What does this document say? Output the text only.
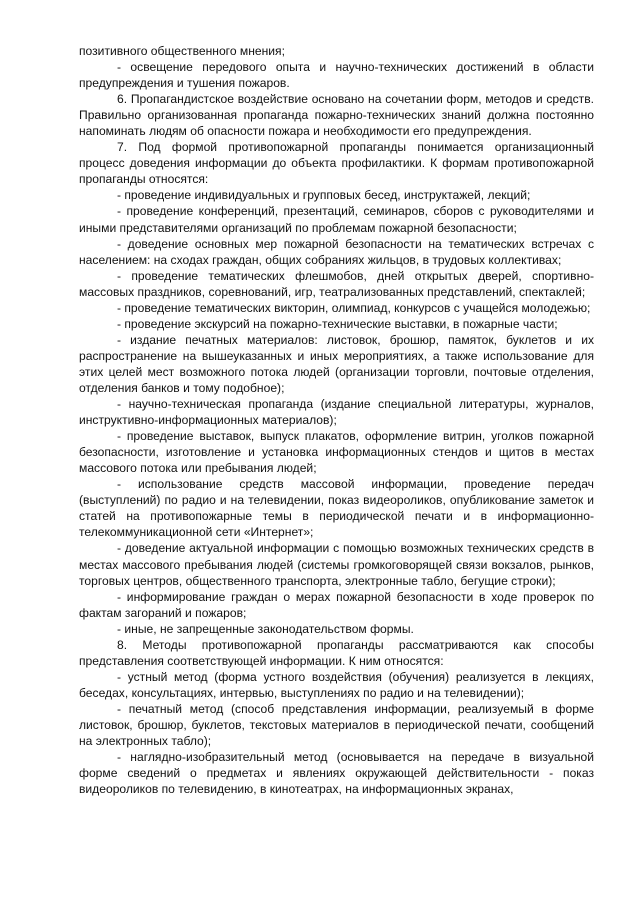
позитивного общественного мнения;

- освещение передового опыта и научно-технических достижений в области предупреждения и тушения пожаров.

6. Пропагандистское воздействие основано на сочетании форм, методов и средств. Правильно организованная пропаганда пожарно-технических знаний должна постоянно напоминать людям об опасности пожара и необходимости его предупреждения.

7. Под формой противопожарной пропаганды понимается организационный процесс доведения информации до объекта профилактики. К формам противопожарной пропаганды относятся:

- проведение индивидуальных и групповых бесед, инструктажей, лекций;

- проведение конференций, презентаций, семинаров, сборов с руководителями и иными представителями организаций по проблемам пожарной безопасности;

- доведение основных мер пожарной безопасности на тематических встречах с населением: на сходах граждан, общих собраниях жильцов, в трудовых коллективах;

- проведение тематических флешмобов, дней открытых дверей, спортивно-массовых праздников, соревнований, игр, театрализованных представлений, спектаклей;

- проведение тематических викторин, олимпиад, конкурсов с учащейся молодежью;

- проведение экскурсий на пожарно-технические выставки, в пожарные части;

- издание печатных материалов: листовок, брошюр, памяток, буклетов и их распространение на вышеуказанных и иных мероприятиях, а также использование для этих целей мест возможного потока людей (организации торговли, почтовые отделения, отделения банков и тому подобное);

- научно-техническая пропаганда (издание специальной литературы, журналов, инструктивно-информационных материалов);

- проведение выставок, выпуск плакатов, оформление витрин, уголков пожарной безопасности, изготовление и установка информационных стендов и щитов в местах массового потока или пребывания людей;

- использование средств массовой информации, проведение передач (выступлений) по радио и на телевидении, показ видеороликов, опубликование заметок и статей на противопожарные темы в периодической печати и в информационно-телекоммуникационной сети «Интернет»;

- доведение актуальной информации с помощью возможных технических средств в местах массового пребывания людей (системы громкоговорящей связи вокзалов, рынков, торговых центров, общественного транспорта, электронные табло, бегущие строки);

- информирование граждан о мерах пожарной безопасности в ходе проверок по фактам загораний и пожаров;

- иные, не запрещенные законодательством формы.

8. Методы противопожарной пропаганды рассматриваются как способы представления соответствующей информации. К ним относятся:

- устный метод (форма устного воздействия (обучения) реализуется в лекциях, беседах, консультациях, интервью, выступлениях по радио и на телевидении);

- печатный метод (способ представления информации, реализуемый в форме листовок, брошюр, буклетов, текстовых материалов в периодической печати, сообщений на электронных табло);

- наглядно-изобразительный метод (основывается на передаче в визуальной форме сведений о предметах и явлениях окружающей действительности - показ видеороликов по телевидению, в кинотеатрах, на информационных экранах,
